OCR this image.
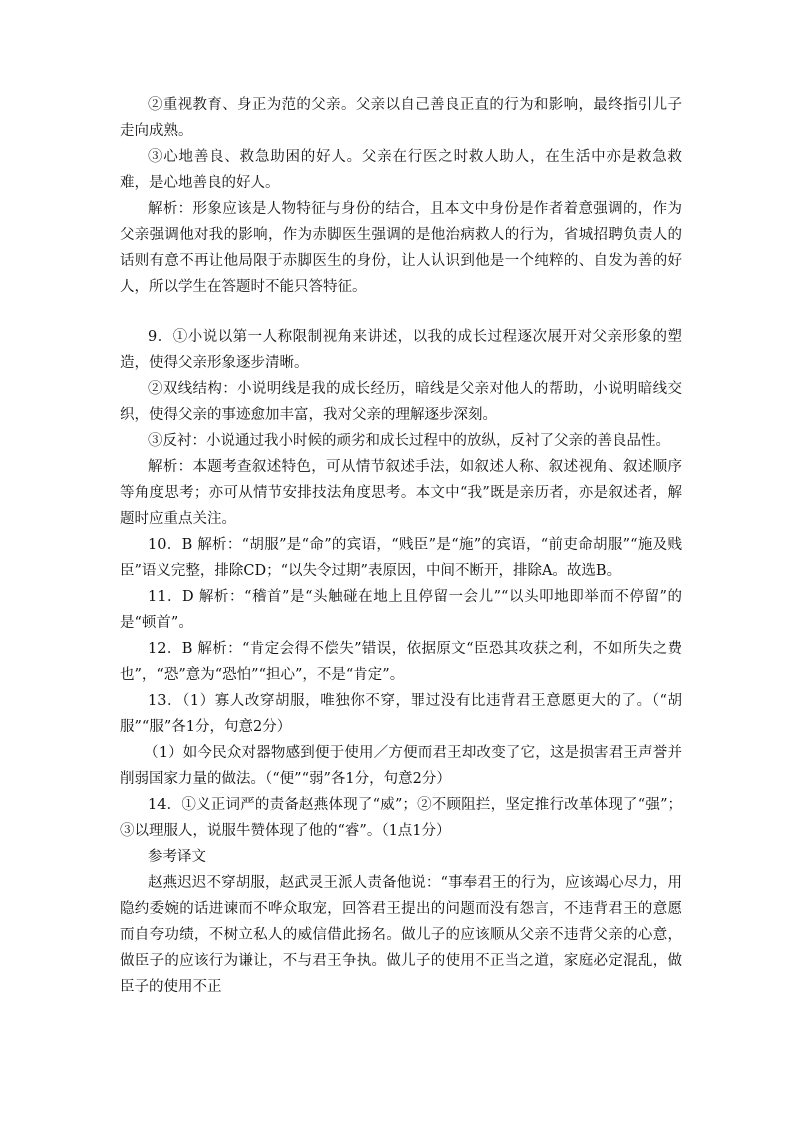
②重视教育、身正为范的父亲。父亲以自己善良正直的行为和影响，最终指引儿子走向成熟。

③心地善良、救急助困的好人。父亲在行医之时救人助人，在生活中亦是救急救难，是心地善良的好人。

解析：形象应该是人物特征与身份的结合，且本文中身份是作者着意强调的，作为父亲强调他对我的影响，作为赤脚医生强调的是他治病救人的行为，省城招聘负责人的话则有意不再让他局限于赤脚医生的身份，让人认识到他是一个纯粹的、自发为善的好人，所以学生在答题时不能只答特征。

9．①小说以第一人称限制视角来讲述，以我的成长过程逐次展开对父亲形象的塑造，使得父亲形象逐步清晰。

②双线结构：小说明线是我的成长经历，暗线是父亲对他人的帮助，小说明暗线交织，使得父亲的事迹愈加丰富，我对父亲的理解逐步深刻。

③反衬：小说通过我小时候的顽劣和成长过程中的放纵，反衬了父亲的善良品性。

解析：本题考查叙述特色，可从情节叙述手法，如叙述人称、叙述视角、叙述顺序等角度思考；亦可从情节安排技法角度思考。本文中“我”既是亲历者，亦是叙述者，解题时应重点关注。

10．B 解析：“胡服”是“命”的宾语，“贱臣”是“施”的宾语，“前吏命胡服”“施及贱臣”语义完整，排除CD；“以失令过期”表原因，中间不断开，排除A。故选B。

11．D 解析：“稽首”是“头触碰在地上且停留一会儿”“以头叩地即举而不停留”的是“顿首”。

12．B 解析：“肯定会得不偿失”错误，依据原文“臣恐其攻获之利，不如所失之费也”，“恐”意为“恐怕”“担心”，不是“肯定”。

13．（1）寡人改穿胡服，唯独你不穿，罪过没有比违背君王意愿更大的了。（“胡服”“服”各1分，句意2分）

（1）如今民众对器物感到便于使用／方便而君王却改变了它，这是损害君王声誉并削弱国家力量的做法。（“便”“弱”各1分，句意2分）

14．①义正词严的责备赵燕体现了“威”；②不顾阻拦，坚定推行改革体现了“强”；③以理服人，说服牛赞体现了他的“睿”。（1点1分）

参考译文

赵燕迟迟不穿胡服，赵武灵王派人责备他说：“事奉君王的行为，应该竭心尽力，用隐约委婉的话进谏而不哗众取宠，回答君王提出的问题而没有怨言，不违背君王的意愿而自夸功绩，不树立私人的威信借此扬名。做儿子的应该顺从父亲不违背父亲的心意，做臣子的应该行为谦让，不与君王争执。做儿子的使用不正当之道，家庭必定混乱，做臣子的使用不正
